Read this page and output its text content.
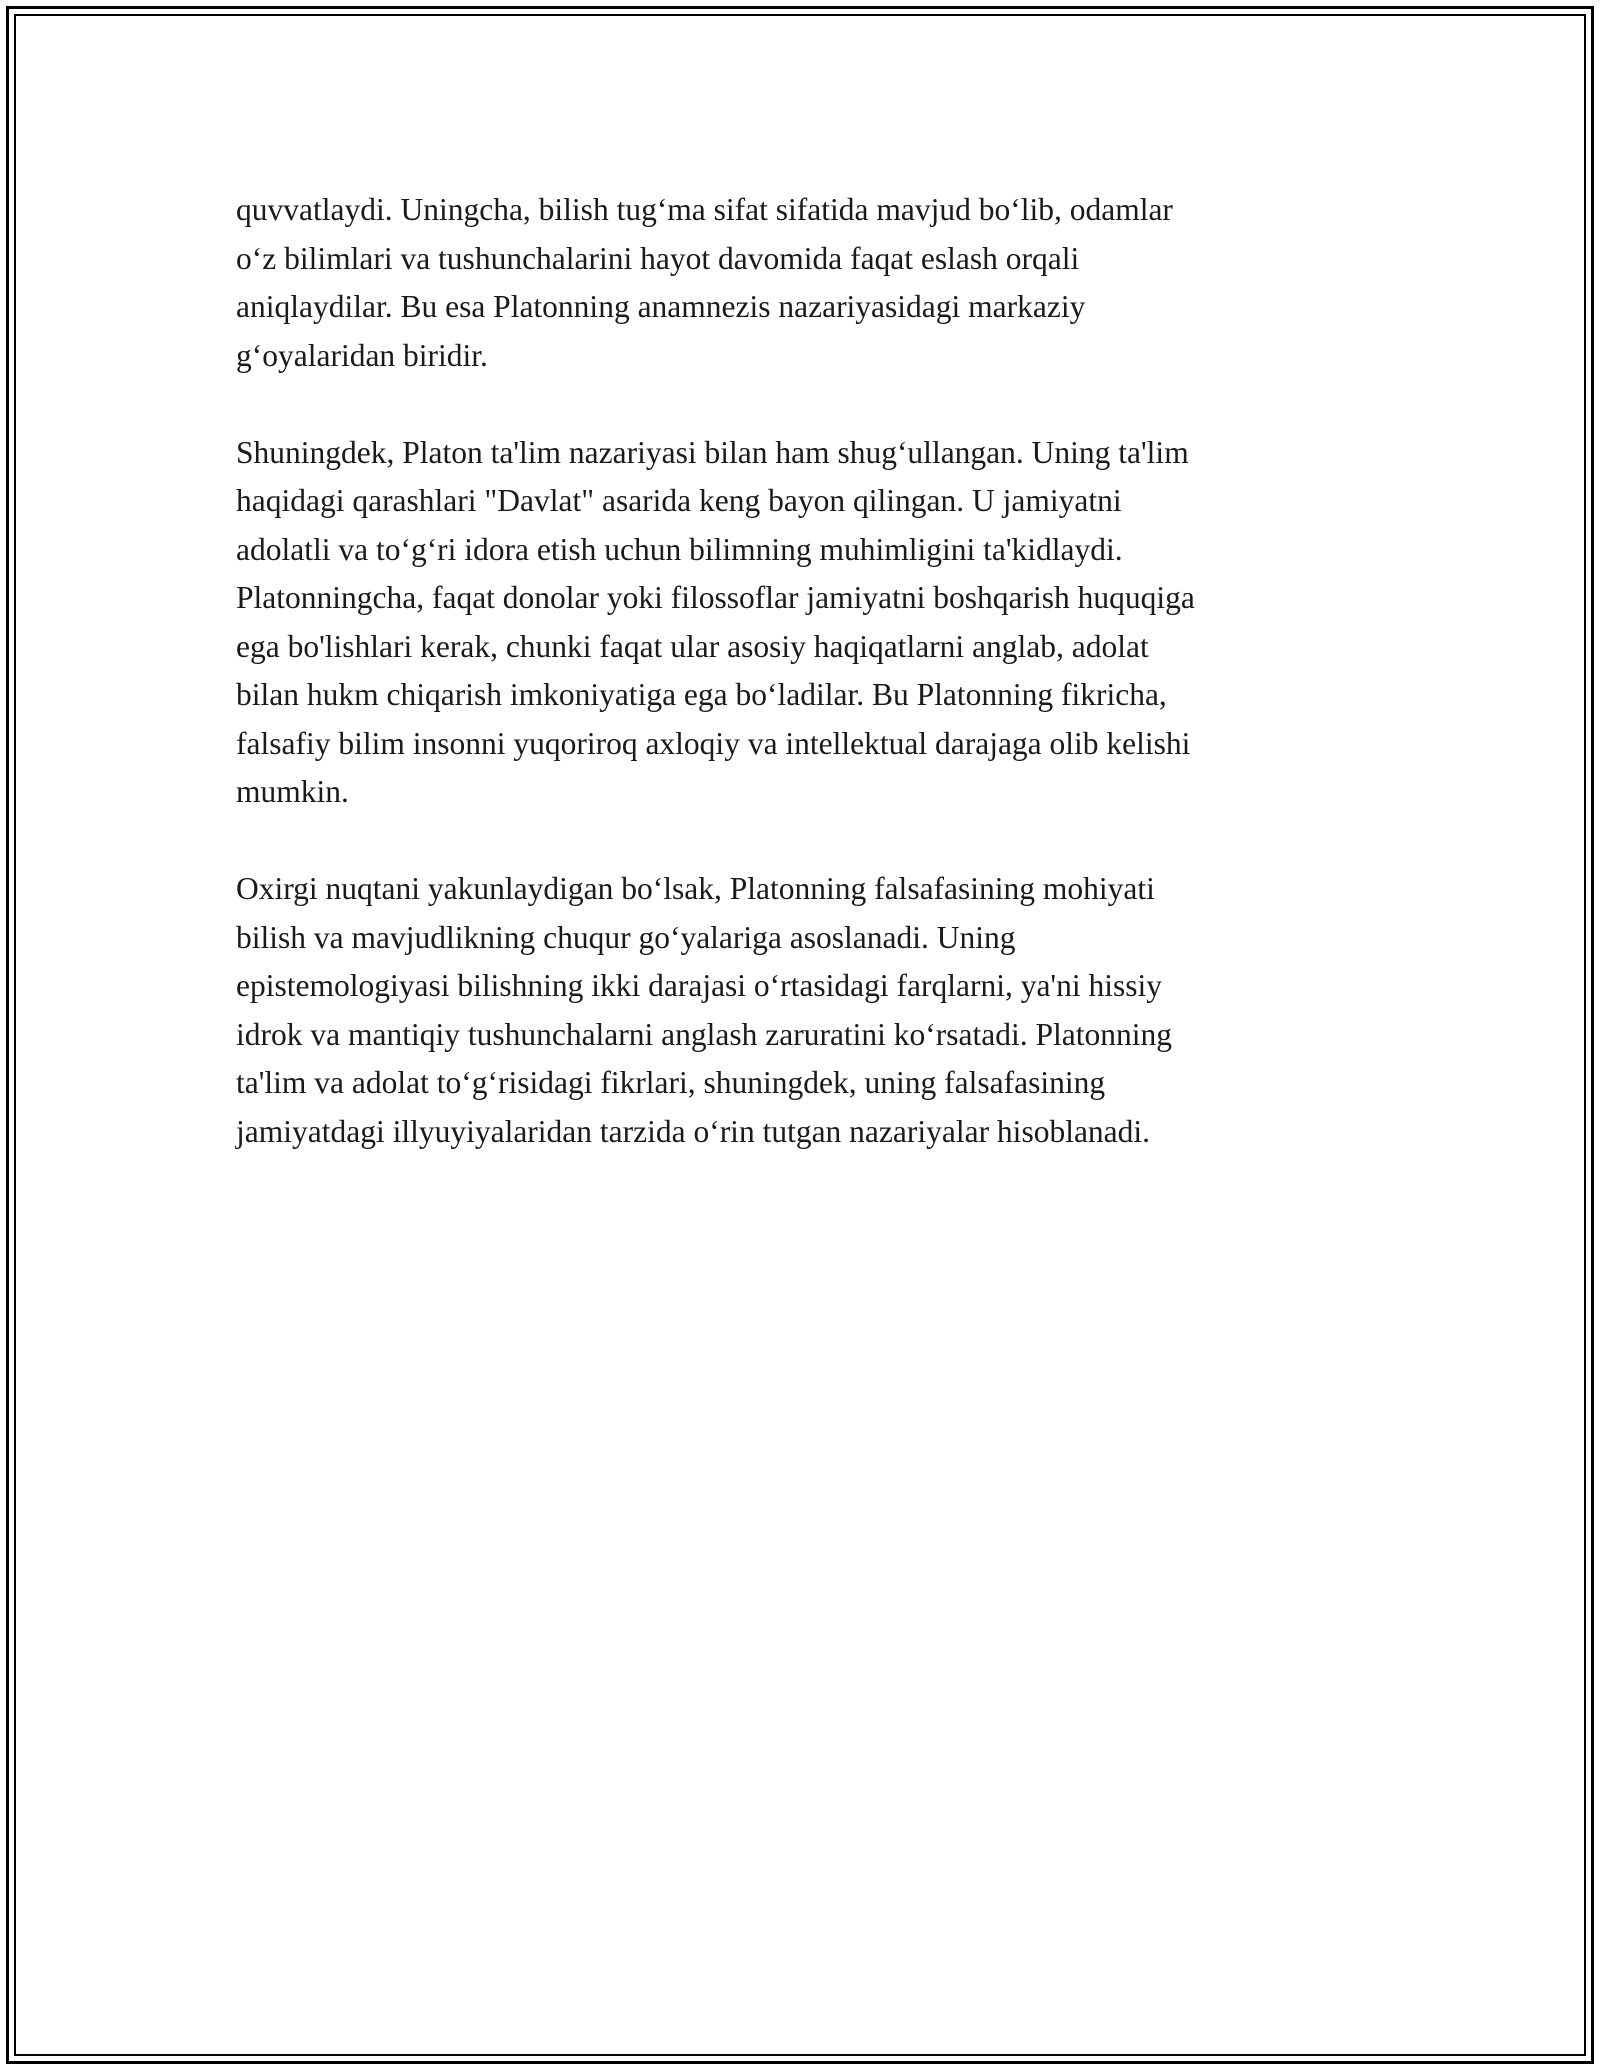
quvvatlaydi. Uningcha, bilish tug‘ma sifat sifatida mavjud bo‘lib, odamlar
o‘z bilimlari va tushunchalarini hayot davomida faqat eslash orqali
aniqlaydilar. Bu esa Platonning anamnezis nazariyasidagi markaziy
g‘oyalaridan biridir.

Shuningdek, Platon ta'lim nazariyasi bilan ham shug‘ullangan. Uning ta'lim
haqidagi qarashlari "Davlat" asarida keng bayon qilingan. U jamiyatni
adolatli va to‘g‘ri idora etish uchun bilimning muhimligini ta'kidlaydi.
Platonningcha, faqat donolar yoki filossoflar jamiyatni boshqarish huquqiga
ega bo'lishlari kerak, chunki faqat ular asosiy haqiqatlarni anglab, adolat
bilan hukm chiqarish imkoniyatiga ega bo‘ladilar. Bu Platonning fikricha,
falsafiy bilim insonni yuqoriroq axloqiy va intellektual darajaga olib kelishi
mumkin.

Oxirgi nuqtani yakunlaydigan bo‘lsak, Platonning falsafasining mohiyati
bilish va mavjudlikning chuqur go‘yalariga asoslanadi. Uning
epistemologiyasi bilishning ikki darajasi o‘rtasidagi farqlarni, ya'ni hissiy
idrok va mantiqiy tushunchalarni anglash zaruratini ko‘rsatadi. Platonning
ta'lim va adolat to‘g‘risidagi fikrlari, shuningdek, uning falsafasining
jamiyatdagi illyuyiyalaridan tarzida o‘rin tutgan nazariyalar hisoblanadi.
